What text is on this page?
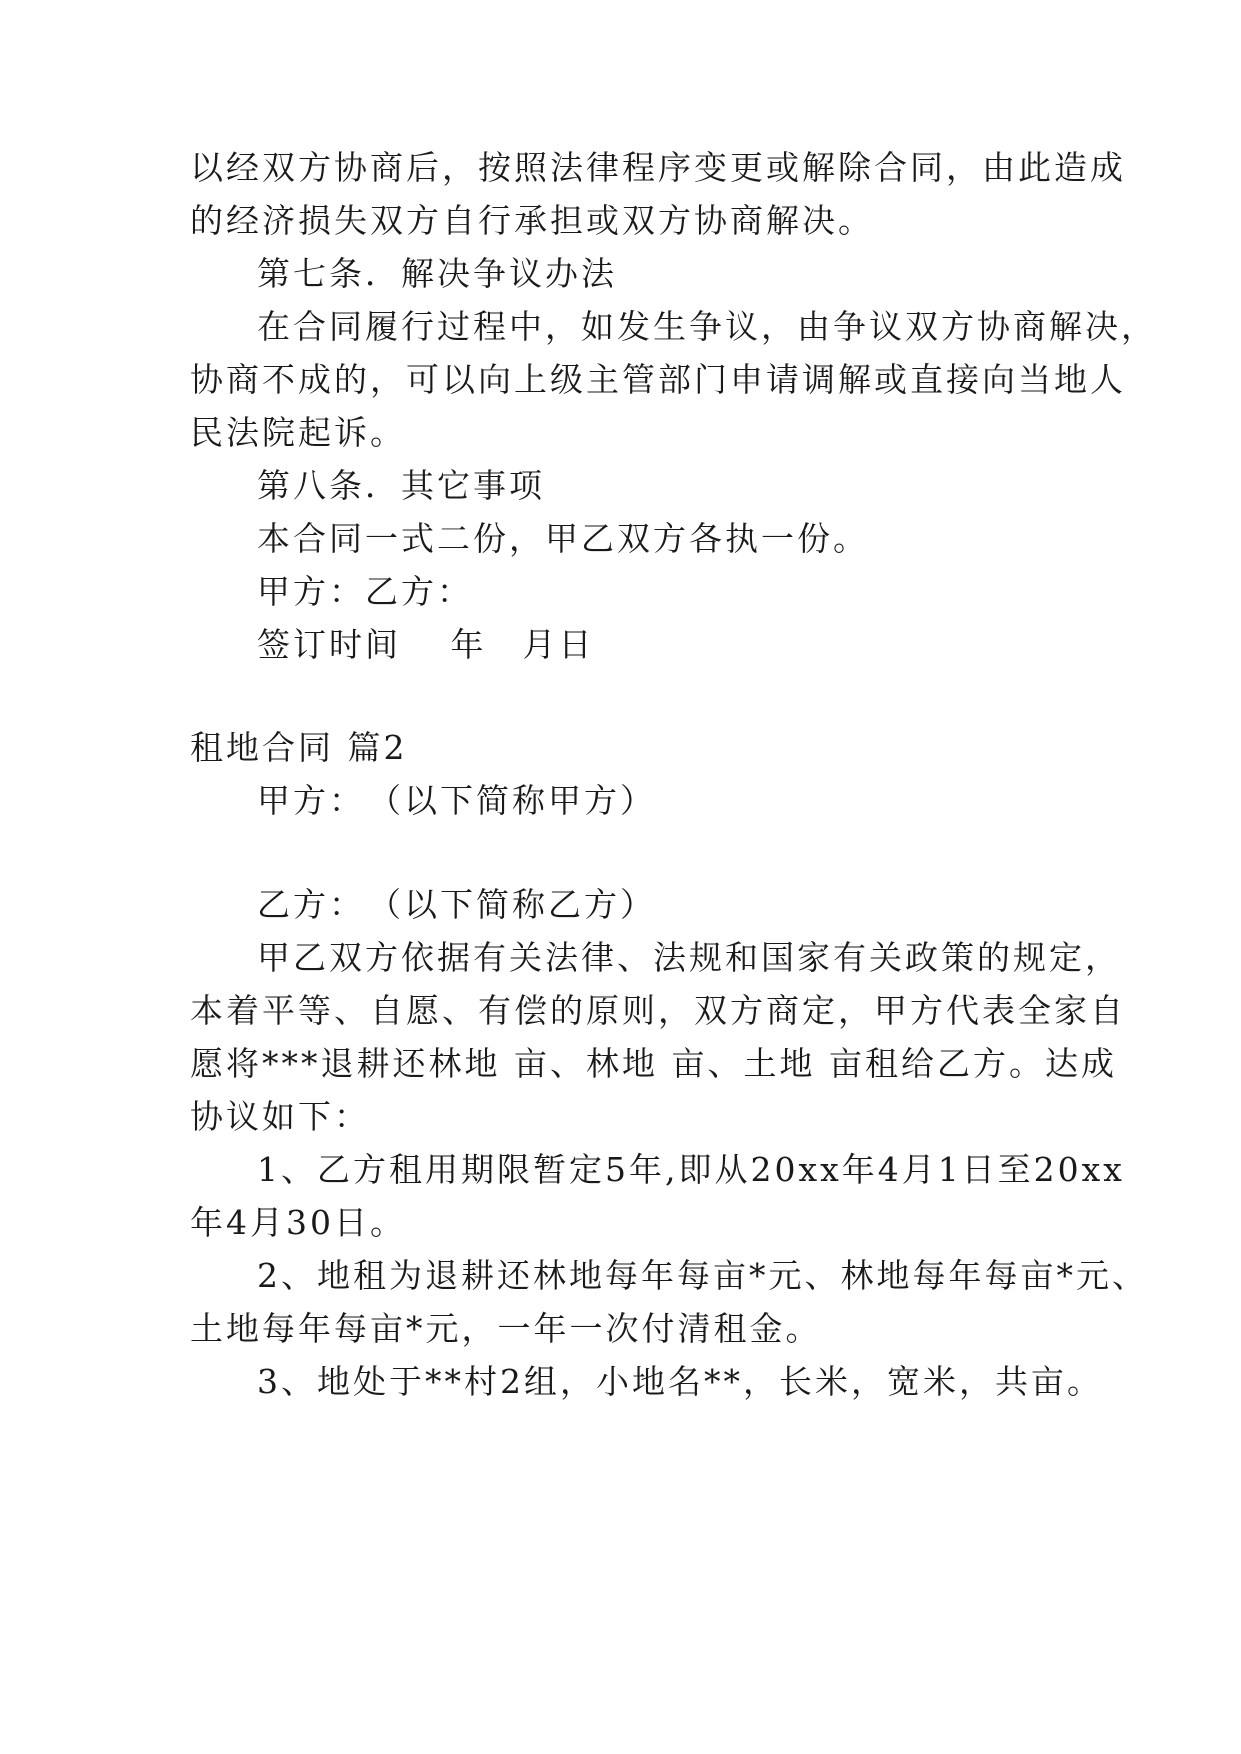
以经双方协商后，按照法律程序变更或解除合同，由此造成
的经济损失双方自行承担或双方协商解决。
第七条．解决争议办法
在合同履行过程中，如发生争议，由争议双方协商解决，
协商不成的，可以向上级主管部门申请调解或直接向当地人
民法院起诉。
第八条．其它事项
本合同一式二份，甲乙双方各执一份。
甲方：乙方：
签订时间　 年　月日
租地合同 篇2
甲方：　（以下简称甲方）
乙方：　（以下简称乙方）
甲乙双方依据有关法律、法规和国家有关政策的规定，
本着平等、自愿、有偿的原则，双方商定，甲方代表全家自
愿将***退耕还林地 亩、林地 亩、土地 亩租给乙方。达成
协议如下：
1、乙方租用期限暂定5年,即从20xx年4月1日至20xx
年4月30日。
2、地租为退耕还林地每年每亩*元、林地每年每亩*元、
土地每年每亩*元，一年一次付清租金。
3、地处于**村2组，小地名**，长米，宽米，共亩。
